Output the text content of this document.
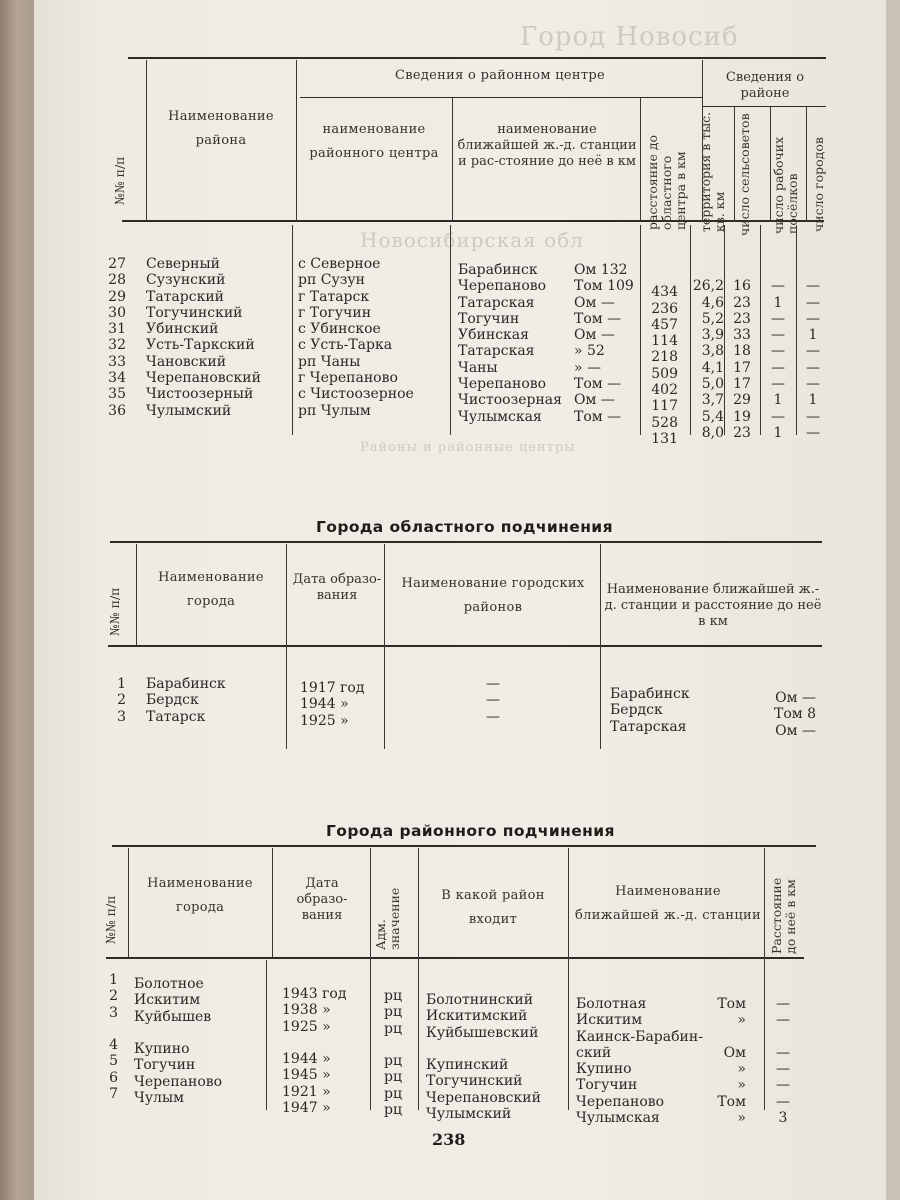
Город Новосиб
Новосибирская обл
Районы и районные центры
№№ п/п
Наименование района
Сведения о районном центре
наименование районного центра
наименование ближайшей ж.-д. станции и рас-стояние до неё в км расстояние до областного центра в км
Сведения о районе
территория в тыс. кв. км число сельсоветов число рабочих посёлков число городов
27
28
29
30
31
32
33
34
35
36
Северный
Сузунский
Татарский
Тогучинский
Убинский
Усть-Таркский
Чановский
Черепановский
Чистоозерный
Чулымский
с Северное
рп Сузун
г Татарск
г Тогучин
с Убинское
с Усть-Тарка
рп Чаны
г Черепаново
с Чистоозерное
рп Чулым
Барабинск
Черепаново
Татарская
Тогучин
Убинская
Татарская
Чаны
Черепаново
Чистоозерная
Чулымская
Ом 132
Том 109
Ом —
Том —
Ом —
» 52
» —
Том —
Ом —
Том —
434
236
457
114
218
509
402
117
528
131
26,2
4,6
5,2
3,9
3,8
4,1
5,0
3,7
5,4
8,0
16
23
23
33
18
17
17
29
19
23
—
1
—
—
—
—
—
1
—
1
—
—
—
1
—
—
—
1
—
—
Города областного подчинения
№№ п/п
Наименование города
Дата образо-вания
Наименование городских районов
Наименование ближайшей ж.-д. станции и расстояние до неё в км
1
2
3
Барабинск
Бердск
Татарск
1917 год
1944 »
1925 »
—
—
—
Барабинск
Бердск
Татарская
Ом —
Том 8
Ом —
Города районного подчинения
№№ п/п
Наименование города
Дата образо-вания
Адм. значение	В какой район входит
Наименование ближайшей ж.-д. станции Расстояние до неё в км
1
2
3
4
5
6
7
Болотное
Искитим
Куйбышев
Купино
Тогучин
Черепаново
Чулым
1943 год
1938 »
1925 »
1944 »
1945 »
1921 »
1947 »
рц
рц
рц
рц
рц
рц
рц
Болотнинский
Искитимский
Куйбышевский
Купинский
Тогучинский
Черепановский
Чулымский
Болотная
Искитим
Каинск-Барабин-
ский
Купино
Тогучин
Черепаново
Чулымская
Том
»
Ом
»
»
Том
»
—
—
—
—
—
—
3
238
